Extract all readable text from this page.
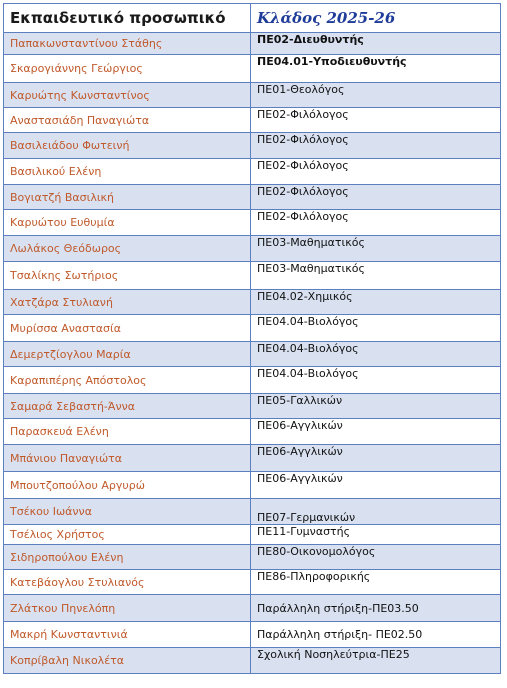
Εκπαιδευτικό προσωπικό	Κλάδος 2025-26
Παπακωνσταντίνου Στάθης	ΠΕ02-Διευθυντής
Σκαρογιάννης Γεώργιος	ΠΕ04.01-Υποδιευθυντής
Καρυώτης Κωνσταντίνος	ΠΕ01-Θεολόγος
Αναστασιάδη Παναγιώτα	ΠΕ02-Φιλόλογος
Βασιλειάδου Φωτεινή	ΠΕ02-Φιλόλογος
Βασιλικού Ελένη	ΠΕ02-Φιλόλογος
Βογιατζή Βασιλική	ΠΕ02-Φιλόλογος
Καρυώτου Ευθυμία	ΠΕ02-Φιλόλογος
Λωλάκος Θεόδωρος	ΠΕ03-Μαθηματικός
Τσαλίκης Σωτήριος	ΠΕ03-Μαθηματικός
Χατζάρα Στυλιανή	ΠΕ04.02-Χημικός
Μυρίσσα Αναστασία	ΠΕ04.04-Βιολόγος
Δεμερτζίογλου Μαρία	ΠΕ04.04-Βιολόγος
Καραπιπέρης Απόστολος	ΠΕ04.04-Βιολόγος
Σαμαρά Σεβαστή-Άννα	ΠΕ05-Γαλλικών
Παρασκευά Ελένη	ΠΕ06-Αγγλικών
Μπάνιου Παναγιώτα	ΠΕ06-Αγγλικών
Μπουτζοπούλου Αργυρώ	ΠΕ06-Αγγλικών
Τσέκου Ιωάννα	ΠΕ07-Γερμανικών
Τσέλιος Χρήστος	ΠΕ11-Γυμναστής
Σιδηροπούλου Ελένη	ΠΕ80-Οικονομολόγος
Κατεβάογλου Στυλιανός	ΠΕ86-Πληροφορικής
Ζλάτκου Πηνελόπη	Παράλληλη στήριξη-ΠΕ03.50
Μακρή Κωνσταντινιά	Παράλληλη στήριξη- ΠΕ02.50
Κοπρίβαλη Νικολέτα	Σχολική Νοσηλεύτρια-ΠΕ25
